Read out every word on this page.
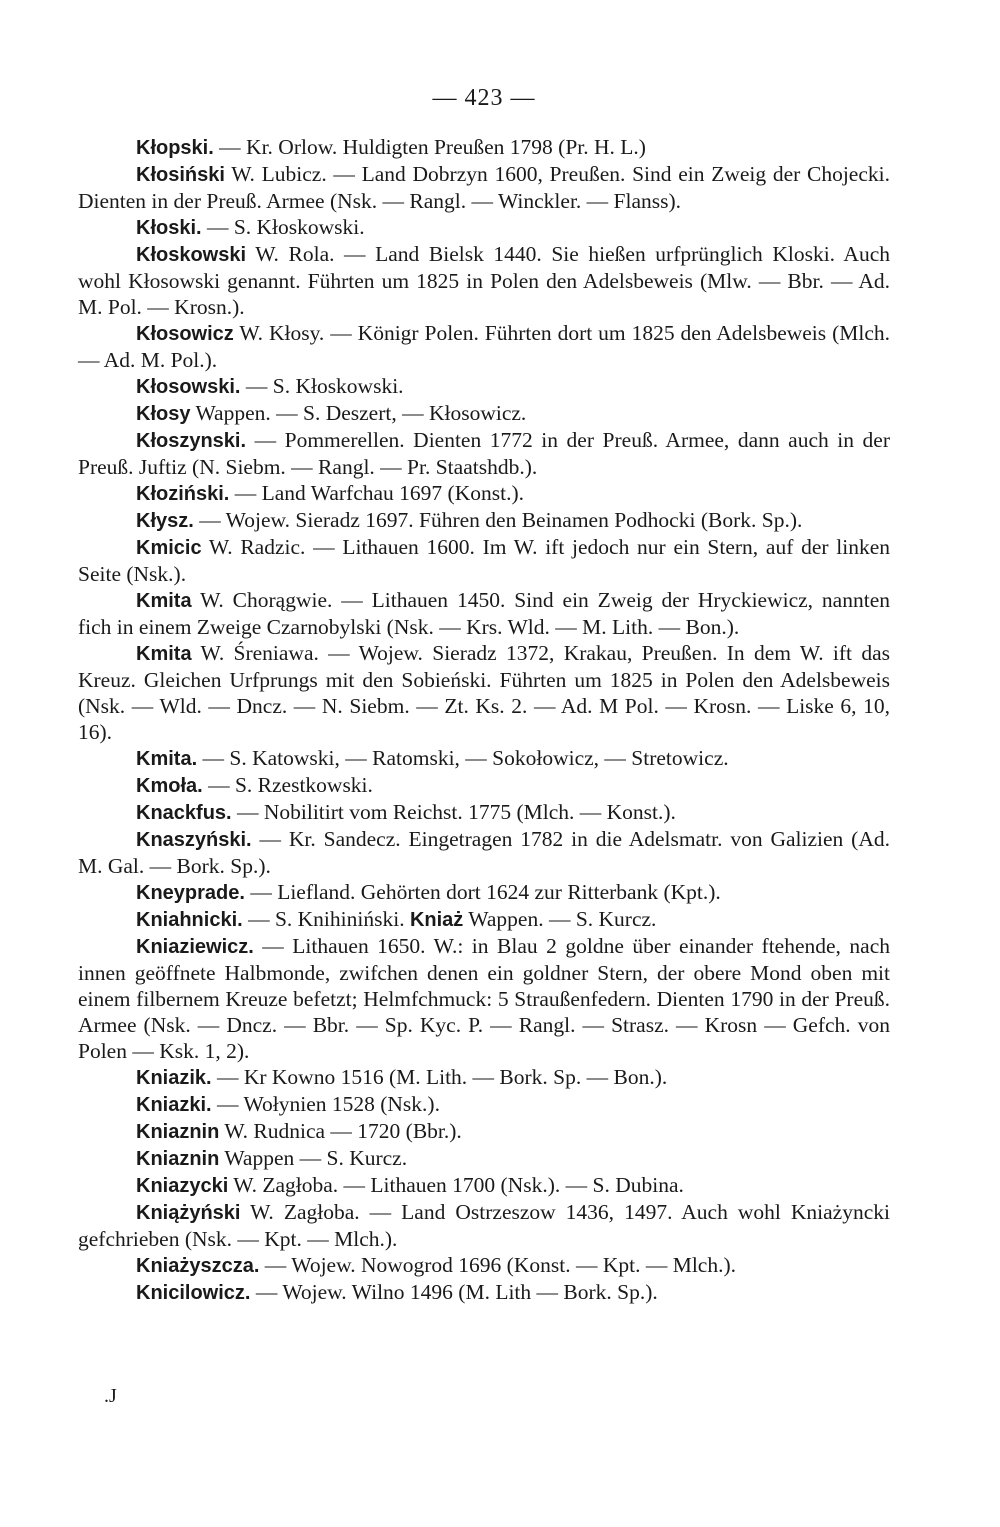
— 423 —

Kłopski. — Kr. Orlow. Huldigten Preußen 1798 (Pr. H. L.)

Kłosiński W. Lubicz. — Land Dobrzyn 1600, Preußen. Sind ein Zweig der Chojecki. Dienten in der Preuß. Armee (Nsk. — Rangl. — Winckler. — Flanss).

Kłoski. — S. Kłoskowski.

Kłoskowski W. Rola. — Land Bielsk 1440. Sie hießen urfprünglich Kloski. Auch wohl Kłosowski genannt. Führten um 1825 in Polen den Adelsbeweis (Mlw. — Bbr. — Ad. M. Pol. — Krosn.).

Kłosowicz W. Kłosy. — Königr Polen. Führten dort um 1825 den Adelsbeweis (Mlch. — Ad. M. Pol.).

Kłosowski. — S. Kłoskowski.

Kłosy Wappen. — S. Deszert, — Kłosowicz.

Kłoszynski. — Pommerellen. Dienten 1772 in der Preuß. Armee, dann auch in der Preuß. Juftiz (N. Siebm. — Rangl. — Pr. Staatshdb.).

Kłoziński. — Land Warfchau 1697 (Konst.).

Kłysz. — Wojew. Sieradz 1697. Führen den Beinamen Podhocki (Bork. Sp.).

Kmicic W. Radzic. — Lithauen 1600. Im W. ift jedoch nur ein Stern, auf der linken Seite (Nsk.).

Kmita W. Chorągwie. — Lithauen 1450. Sind ein Zweig der Hryckiewicz, nannten fich in einem Zweige Czarnobylski (Nsk. — Krs. Wld. — M. Lith. — Bon.).

Kmita W. Śreniawa. — Wojew. Sieradz 1372, Krakau, Preußen. In dem W. ift das Kreuz. Gleichen Urfprungs mit den Sobieński. Führten um 1825 in Polen den Adelsbeweis (Nsk. — Wld. — Dncz. — N. Siebm. — Zt. Ks. 2. — Ad. M Pol. — Krosn. — Liske 6, 10, 16).

Kmita. — S. Katowski, — Ratomski, — Sokołowicz, — Stretowicz.

Kmoła. — S. Rzestkowski.

Knackfus. — Nobilitirt vom Reichst. 1775 (Mlch. — Konst.).

Knaszyński. — Kr. Sandecz. Eingetragen 1782 in die Adelsmatr. von Galizien (Ad. M. Gal. — Bork. Sp.).

Kneyprade. — Liefland. Gehörten dort 1624 zur Ritterbank (Kpt.).

Kniahnicki. — S. Knihiniński. Kniaż Wappen. — S. Kurcz.

Kniaziewicz. — Lithauen 1650. W.: in Blau 2 goldne über einander ftehende, nach innen geöffnete Halbmonde, zwifchen denen ein goldner Stern, der obere Mond oben mit einem filbernem Kreuze befetzt; Helmfchmuck: 5 Straußenfedern. Dienten 1790 in der Preuß. Armee (Nsk. — Dncz. — Bbr. — Sp. Kyc. P. — Rangl. — Strasz. — Krosn — Gefch. von Polen — Ksk. 1, 2).

Kniazik. — Kr Kowno 1516 (M. Lith. — Bork. Sp. — Bon.).

Kniazki. — Wołynien 1528 (Nsk.).

Kniaznin W. Rudnica — 1720 (Bbr.).

Kniaznin Wappen — S. Kurcz.

Kniazycki W. Zagłoba. — Lithauen 1700 (Nsk.). — S. Dubina.

Kniążyński W. Zagłoba. — Land Ostrzeszow 1436, 1497. Auch wohl Kniażyncki gefchrieben (Nsk. — Kpt. — Mlch.).

Kniażyszcza. — Wojew. Nowogrod 1696 (Konst. — Kpt. — Mlch.).

Knicilowicz. — Wojew. Wilno 1496 (M. Lith — Bork. Sp.).

.J
